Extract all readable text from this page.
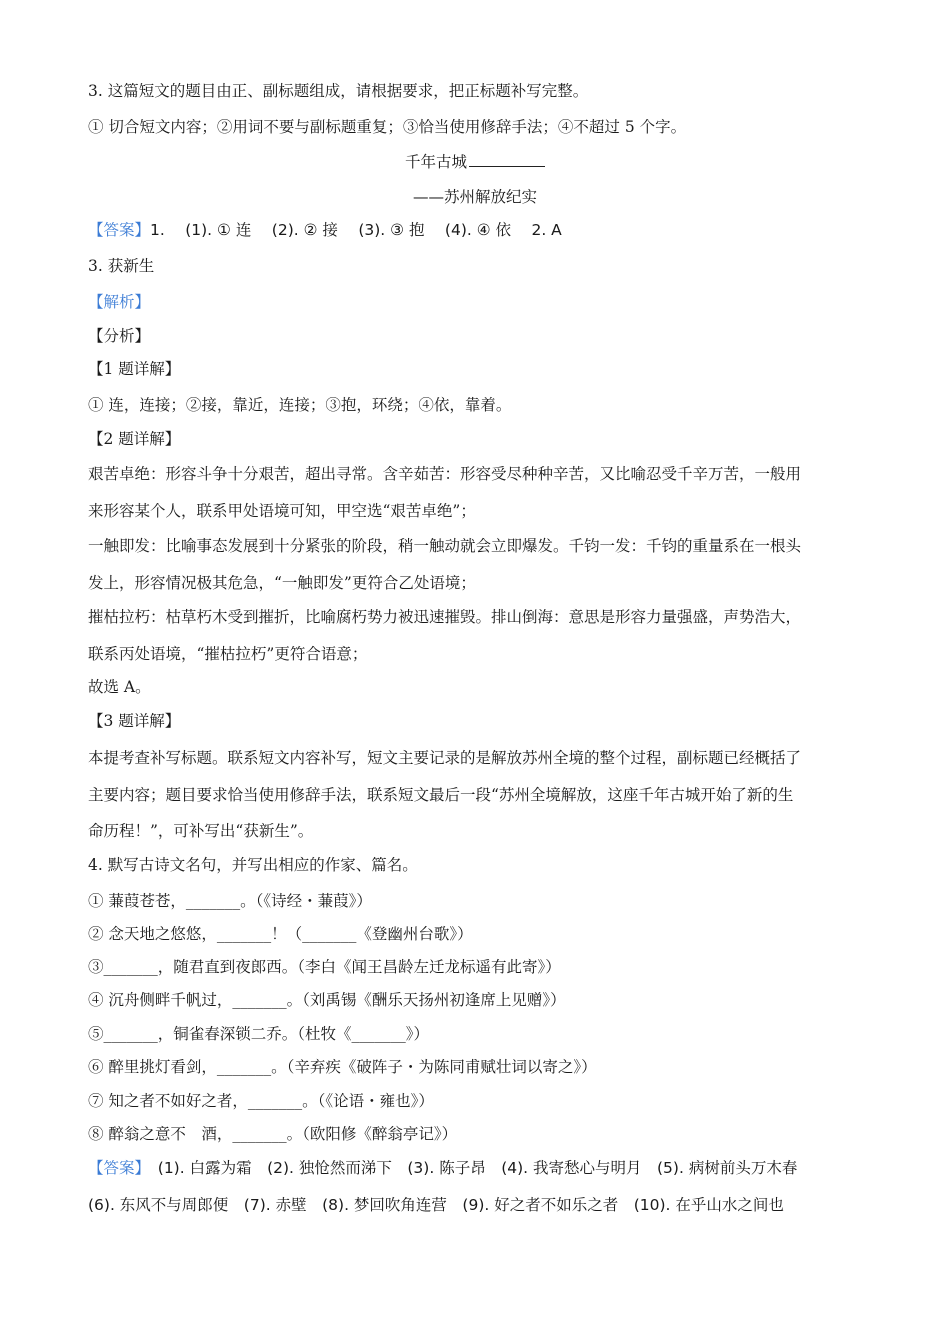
3. 这篇短文的题目由正、副标题组成，请根据要求，把正标题补写完整。
① 切合短文内容；②用词不要与副标题重复；③恰当使用修辞手法；④不超过 5 个字。
千年古城
——苏州解放纪实
【答案】1.　 (1). ① 连　 (2). ② 接　 (3). ③ 抱　 (4). ④ 依　 2. A
3. 获新生
【解析】
【分析】
【1 题详解】
① 连，连接；②接，靠近，连接；③抱，环绕；④依，靠着。
【2 题详解】
艰苦卓绝：形容斗争十分艰苦，超出寻常。含辛茹苦：形容受尽种种辛苦，又比喻忍受千辛万苦，一般用
来形容某个人，联系甲处语境可知，甲空选“艰苦卓绝”；
一触即发：比喻事态发展到十分紧张的阶段，稍一触动就会立即爆发。千钧一发：千钧的重量系在一根头
发上，形容情况极其危急，“一触即发”更符合乙处语境；
摧枯拉朽：枯草朽木受到摧折，比喻腐朽势力被迅速摧毁。排山倒海：意思是形容力量强盛，声势浩大，
联系丙处语境，“摧枯拉朽”更符合语意；
故选 A。
【3 题详解】
本提考查补写标题。联系短文内容补写，短文主要记录的是解放苏州全境的整个过程，副标题已经概括了
主要内容；题目要求恰当使用修辞手法，联系短文最后一段“苏州全境解放，这座千年古城开始了新的生
命历程！”，可补写出“获新生”。
4. 默写古诗文名句，并写出相应的作家、篇名。
① 蒹葭苍苍，_______。（《诗经・蒹葭》）
② 念天地之悠悠，_______！（_______《登幽州台歌》）
③_______，随君直到夜郎西。（李白《闻王昌龄左迁龙标遥有此寄》）
④ 沉舟侧畔千帆过，_______。（刘禹锡《酬乐天扬州初逢席上见赠》）
⑤_______，铜雀春深锁二乔。（杜牧《_______》）
⑥ 醉里挑灯看剑，_______。（辛弃疾《破阵子・为陈同甫赋壮词以寄之》）
⑦ 知之者不如好之者，_______。（《论语・雍也》）
⑧ 醉翁之意不　酒，_______。（欧阳修《醉翁亭记》）
【答案】　(1). 白露为霜　(2). 独怆然而涕下　(3). 陈子昂　(4). 我寄愁心与明月　(5). 病树前头万木春
(6). 东风不与周郎便　(7). 赤壁　(8). 梦回吹角连营　(9). 好之者不如乐之者　(10). 在乎山水之间也
